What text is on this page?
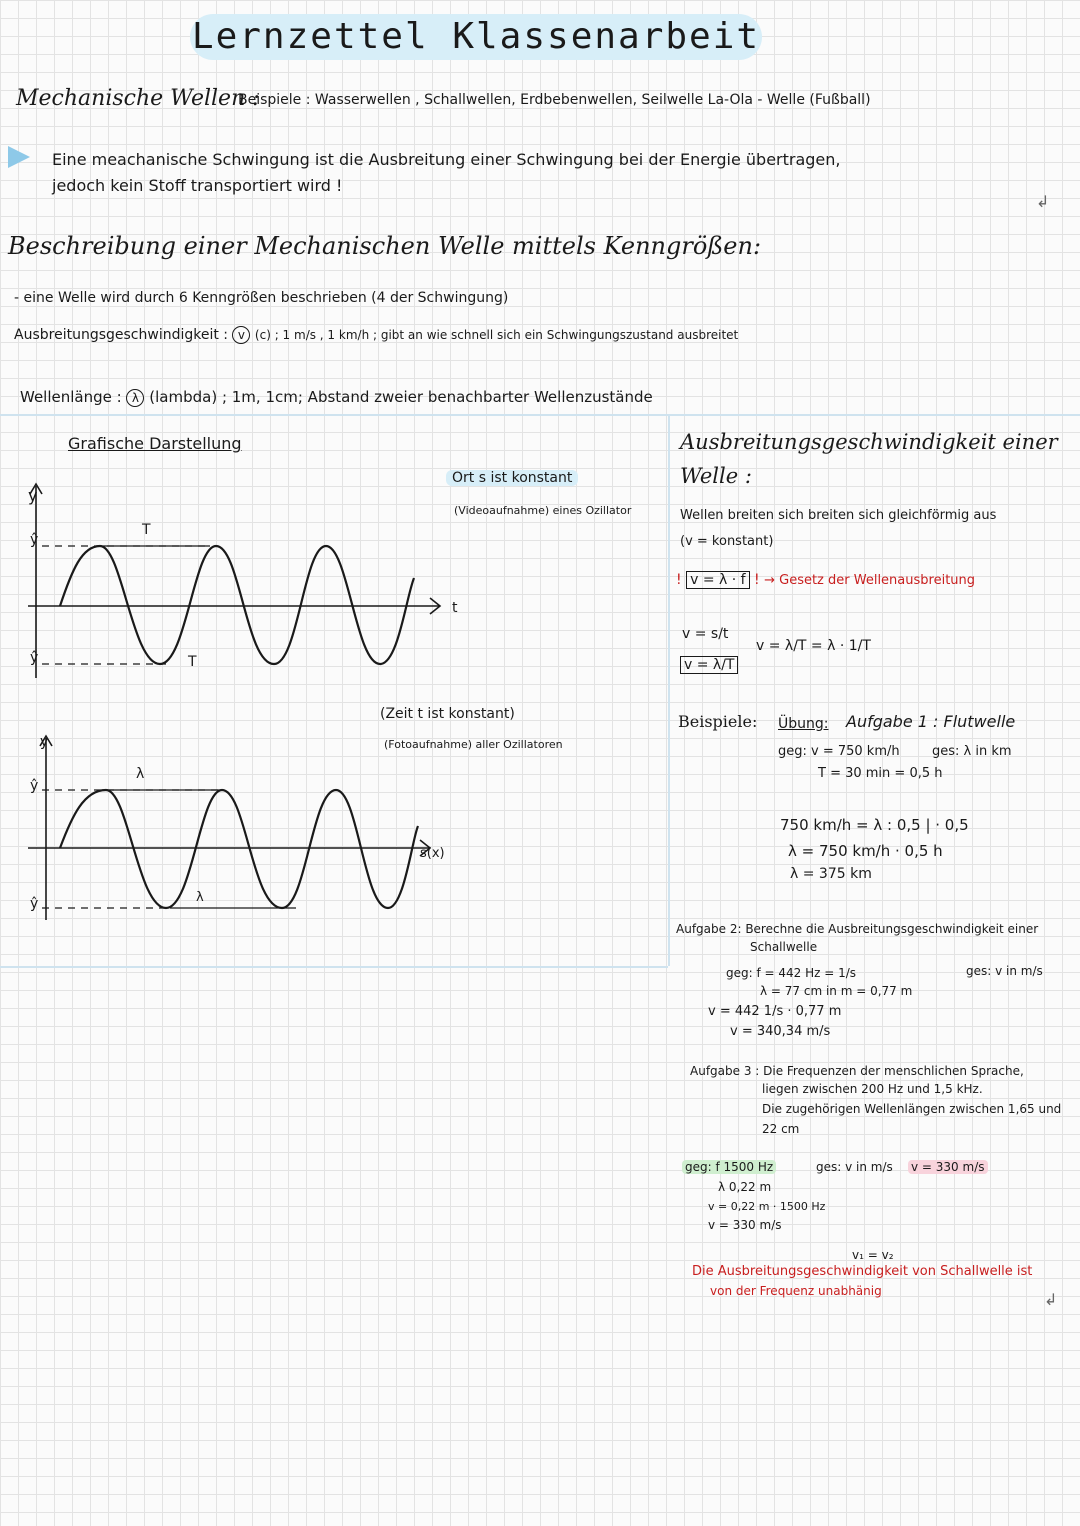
Lernzettel Klassenarbeit
Mechanische Wellen :
Beispiele : Wasserwellen , Schallwellen, Erdbebenwellen, Seilwelle La-Ola - Welle (Fußball)
Eine meachanische Schwingung ist die Ausbreitung einer Schwingung bei der Energie übertragen,
jedoch kein Stoff transportiert wird !
↲
Beschreibung einer Mechanischen Welle mittels Kenngrößen:
- eine Welle wird durch 6 Kenngrößen beschrieben (4 der Schwingung)
Ausbreitungsgeschwindigkeit : v (c) ; 1 m/s , 1 km/h ; gibt an wie schnell sich ein Schwingungszustand ausbreitet
Wellenlänge : λ (lambda) ; 1m, 1cm; Abstand zweier benachbarter Wellenzustände
Grafische Darstellung
Ort s ist konstant
(Videoaufnahme) eines Ozillator
y
t
ŷ
ŷ
T
T
(Zeit t ist konstant)
(Fotoaufnahme) aller Ozillatoren
y
s(x)
ŷ
ŷ
λ
λ
Ausbreitungsgeschwindigkeit einer
Welle :
Wellen breiten sich breiten sich gleichförmig aus
(v = konstant)
! v = λ · f ! → Gesetz der Wellenausbreitung
v = s/t
v = λ/T
v = λ/T = λ · 1/T
Beispiele: Übung: Aufgabe 1 : Flutwelle
geg: v = 750 km/h
T = 30 min = 0,5 h
ges: λ in km
750 km/h = λ : 0,5 | · 0,5
λ = 750 km/h · 0,5 h
λ = 375 km
Aufgabe 2: Berechne die Ausbreitungsgeschwindigkeit einer
Schallwelle
geg: f = 442 Hz = 1/s
λ = 77 cm in m = 0,77 m
ges: v in m/s
v = 442 1/s · 0,77 m
v = 340,34 m/s
Aufgabe 3 : Die Frequenzen der menschlichen Sprache,
liegen zwischen 200 Hz und 1,5 kHz.
Die zugehörigen Wellenlängen zwischen 1,65 und
22 cm
geg: f 1500 Hz
λ 0,22 m
ges: v in m/s v = 330 m/s
v = 0,22 m · 1500 Hz
v = 330 m/s
v₁ = v₂
Die Ausbreitungsgeschwindigkeit von Schallwelle ist
von der Frequenz unabhänig	↲
